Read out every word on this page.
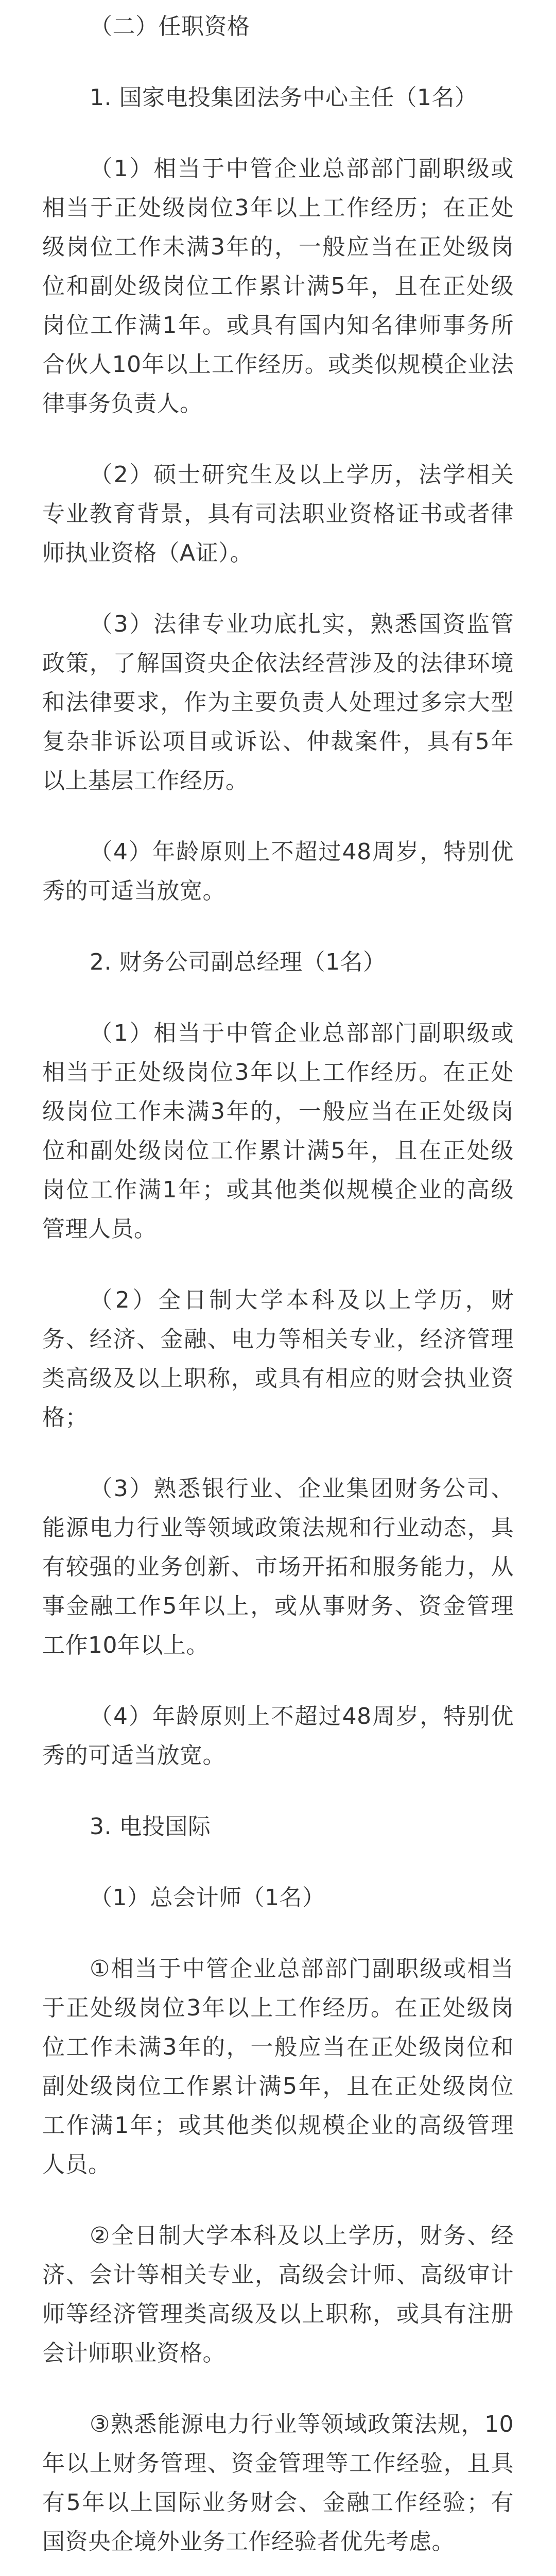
（二）任职资格

1. 国家电投集团法务中心主任（1名）

（1）相当于中管企业总部部门副职级或相当于正处级岗位3年以上工作经历；在正处级岗位工作未满3年的，一般应当在正处级岗位和副处级岗位工作累计满5年，且在正处级岗位工作满1年。或具有国内知名律师事务所合伙人10年以上工作经历。或类似规模企业法律事务负责人。

（2）硕士研究生及以上学历，法学相关专业教育背景，具有司法职业资格证书或者律师执业资格（A证）。

（3）法律专业功底扎实，熟悉国资监管政策，了解国资央企依法经营涉及的法律环境和法律要求，作为主要负责人处理过多宗大型复杂非诉讼项目或诉讼、仲裁案件，具有5年以上基层工作经历。

（4）年龄原则上不超过48周岁，特别优秀的可适当放宽。

2. 财务公司副总经理（1名）

（1）相当于中管企业总部部门副职级或相当于正处级岗位3年以上工作经历。在正处级岗位工作未满3年的，一般应当在正处级岗位和副处级岗位工作累计满5年，且在正处级岗位工作满1年；或其他类似规模企业的高级管理人员。

（2）全日制大学本科及以上学历，财务、经济、金融、电力等相关专业，经济管理类高级及以上职称，或具有相应的财会执业资格；

（3）熟悉银行业、企业集团财务公司、能源电力行业等领域政策法规和行业动态，具有较强的业务创新、市场开拓和服务能力，从事金融工作5年以上，或从事财务、资金管理工作10年以上。

（4）年龄原则上不超过48周岁，特别优秀的可适当放宽。

3. 电投国际

（1）总会计师（1名）

①相当于中管企业总部部门副职级或相当于正处级岗位3年以上工作经历。在正处级岗位工作未满3年的，一般应当在正处级岗位和副处级岗位工作累计满5年，且在正处级岗位工作满1年；或其他类似规模企业的高级管理人员。

②全日制大学本科及以上学历，财务、经济、会计等相关专业，高级会计师、高级审计师等经济管理类高级及以上职称，或具有注册会计师职业资格。

③熟悉能源电力行业等领域政策法规，10年以上财务管理、资金管理等工作经验，且具有5年以上国际业务财会、金融工作经验；有国资央企境外业务工作经验者优先考虑。
